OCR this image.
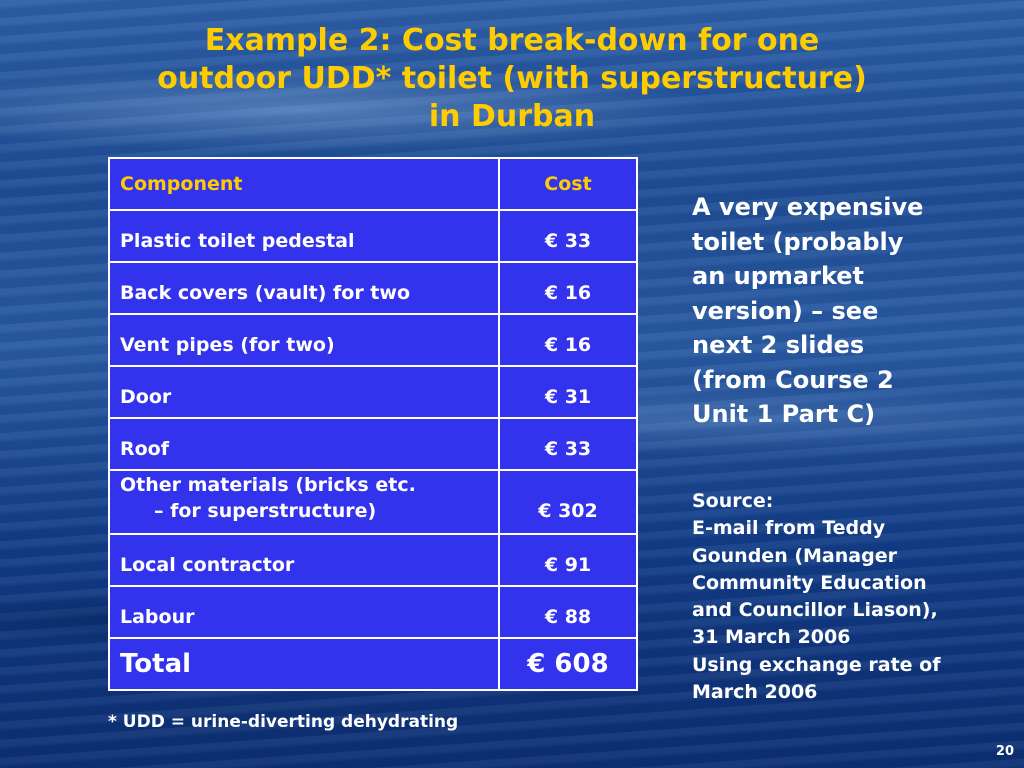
Example 2: Cost break-down for one
outdoor UDD* toilet (with superstructure)
in Durban
Component	Cost
Plastic toilet pedestal	€ 33
Back covers (vault) for two	€ 16
Vent pipes (for two)	€ 16
Door	€ 31
Roof	€ 33
Other materials (bricks etc.
– for superstructure)	€ 302
Local contractor	€ 91
Labour	€ 88
Total	€ 608
* UDD = urine-diverting dehydrating
A very expensive
toilet (probably
an upmarket
version) – see
next 2 slides
(from Course 2
Unit 1 Part C)
Source:
E-mail from Teddy
Gounden (Manager
Community Education
and Councillor Liason),
31 March 2006
Using exchange rate of
March 2006
20
